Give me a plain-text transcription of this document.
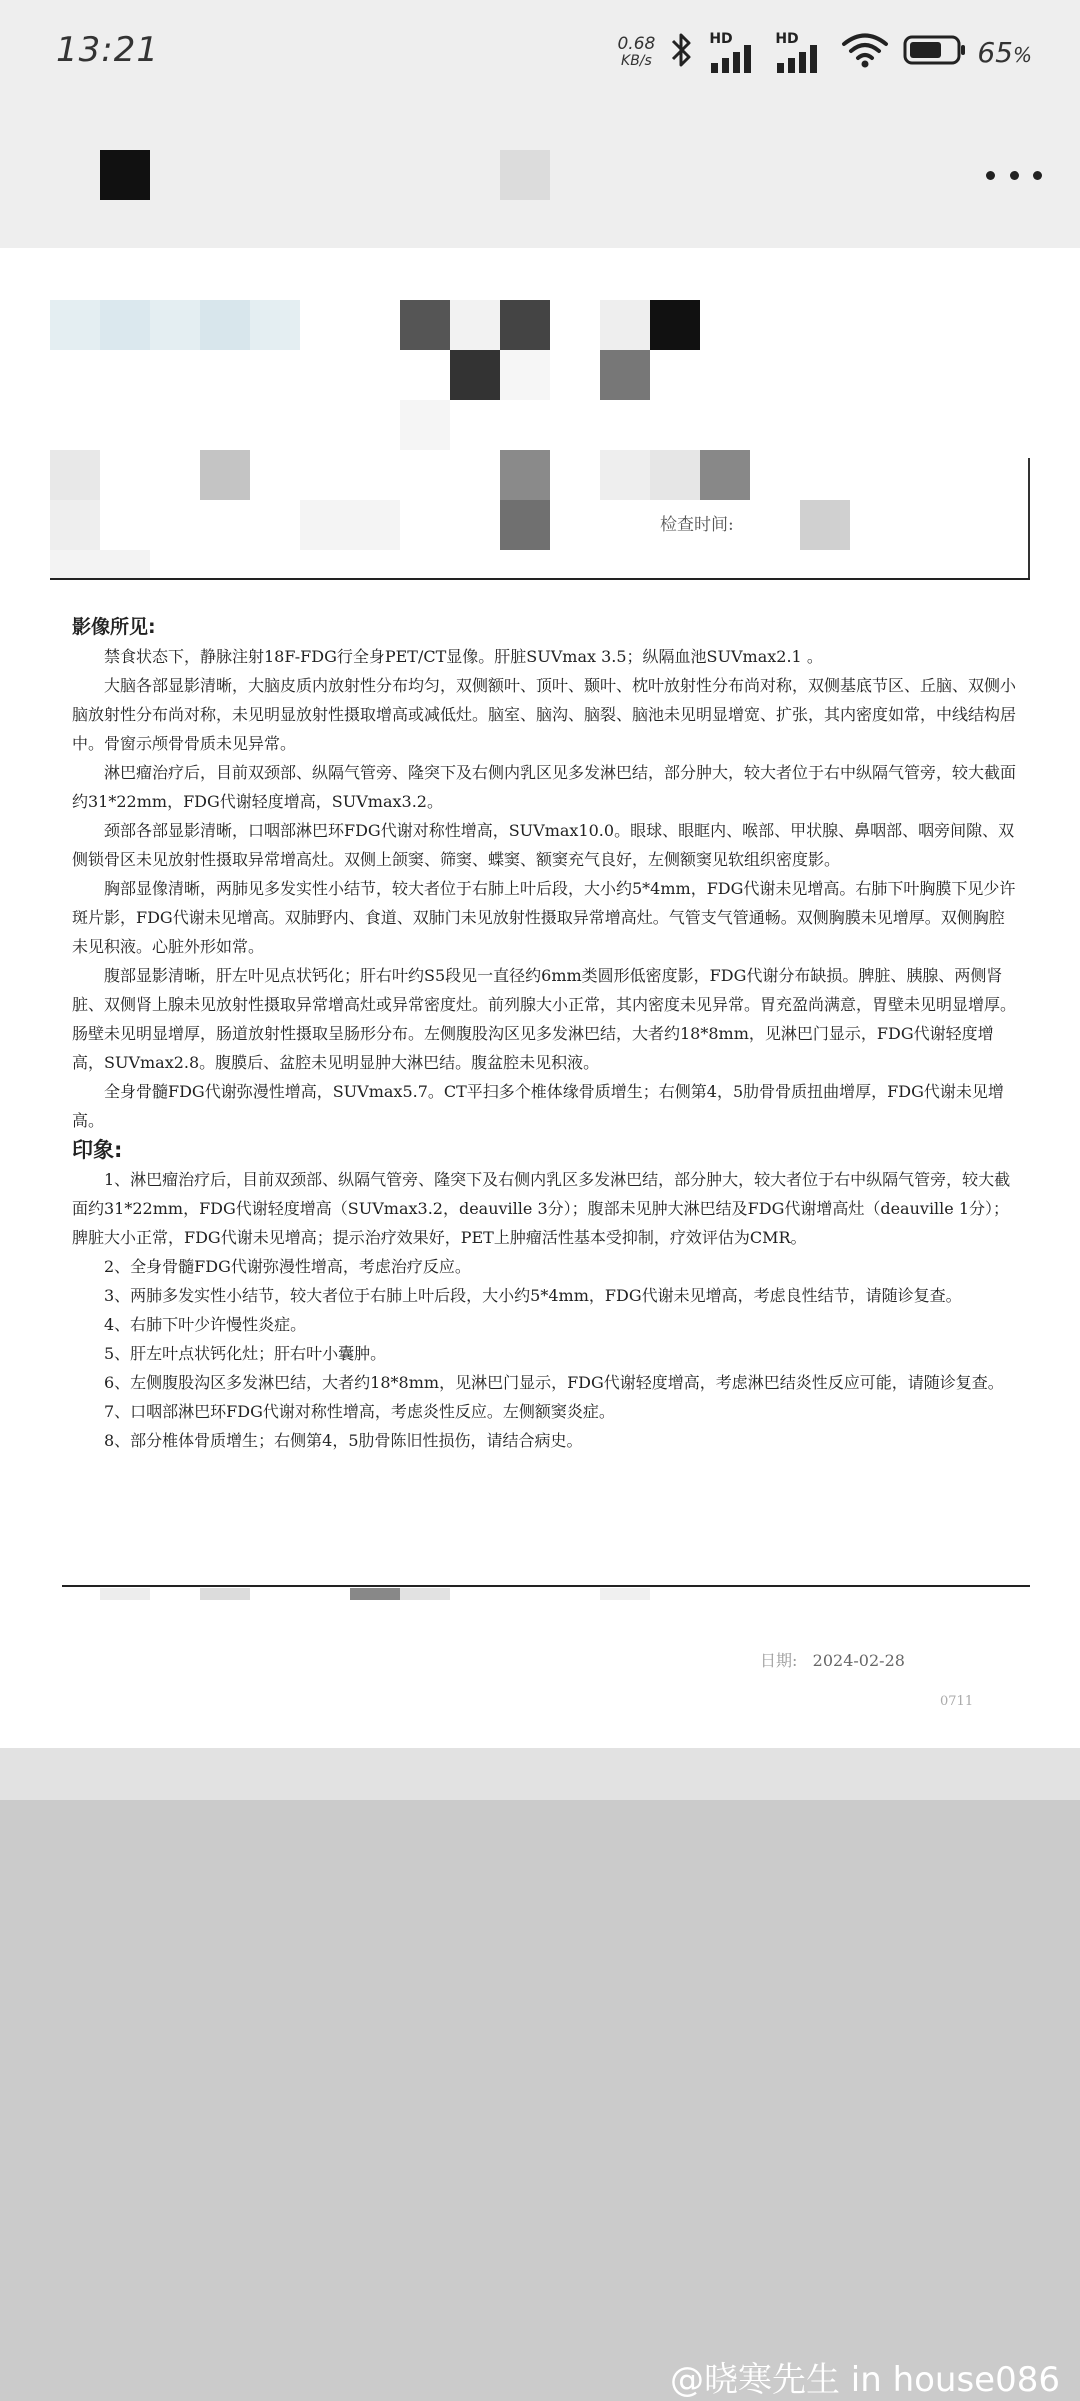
13:21	0.68
KB/s
HD	HD	65%
检查时间:
影像所见:

禁食状态下，静脉注射18F-FDG行全身PET/CT显像。肝脏SUVmax 3.5；纵隔血池SUVmax2.1 。

大脑各部显影清晰，大脑皮质内放射性分布均匀，双侧额叶、顶叶、颞叶、枕叶放射性分布尚对称，双侧基底节区、丘脑、双侧小脑放射性分布尚对称，未见明显放射性摄取增高或减低灶。脑室、脑沟、脑裂、脑池未见明显增宽、扩张，其内密度如常，中线结构居中。骨窗示颅骨骨质未见异常。

淋巴瘤治疗后，目前双颈部、纵隔气管旁、隆突下及右侧内乳区见多发淋巴结，部分肿大，较大者位于右中纵隔气管旁，较大截面约31*22mm，FDG代谢轻度增高，SUVmax3.2。

颈部各部显影清晰，口咽部淋巴环FDG代谢对称性增高，SUVmax10.0。眼球、眼眶内、喉部、甲状腺、鼻咽部、咽旁间隙、双侧锁骨区未见放射性摄取异常增高灶。双侧上颌窦、筛窦、蝶窦、额窦充气良好，左侧额窦见软组织密度影。

胸部显像清晰，两肺见多发实性小结节，较大者位于右肺上叶后段，大小约5*4mm，FDG代谢未见增高。右肺下叶胸膜下见少许斑片影，FDG代谢未见增高。双肺野内、食道、双肺门未见放射性摄取异常增高灶。气管支气管通畅。双侧胸膜未见增厚。双侧胸腔未见积液。心脏外形如常。

腹部显影清晰，肝左叶见点状钙化；肝右叶约S5段见一直径约6mm类圆形低密度影，FDG代谢分布缺损。脾脏、胰腺、两侧肾脏、双侧肾上腺未见放射性摄取异常增高灶或异常密度灶。前列腺大小正常，其内密度未见异常。胃充盈尚满意，胃壁未见明显增厚。肠壁未见明显增厚，肠道放射性摄取呈肠形分布。左侧腹股沟区见多发淋巴结，大者约18*8mm，见淋巴门显示，FDG代谢轻度增高，SUVmax2.8。腹膜后、盆腔未见明显肿大淋巴结。腹盆腔未见积液。

全身骨髓FDG代谢弥漫性增高，SUVmax5.7。CT平扫多个椎体缘骨质增生；右侧第4，5肋骨骨质扭曲增厚，FDG代谢未见增高。

印象:

1、淋巴瘤治疗后，目前双颈部、纵隔气管旁、隆突下及右侧内乳区多发淋巴结，部分肿大，较大者位于右中纵隔气管旁，较大截面约31*22mm，FDG代谢轻度增高（SUVmax3.2，deauville 3分）；腹部未见肿大淋巴结及FDG代谢增高灶（deauville 1分）；脾脏大小正常，FDG代谢未见增高；提示治疗效果好，PET上肿瘤活性基本受抑制，疗效评估为CMR。

2、全身骨髓FDG代谢弥漫性增高，考虑治疗反应。

3、两肺多发实性小结节，较大者位于右肺上叶后段，大小约5*4mm，FDG代谢未见增高，考虑良性结节，请随诊复查。

4、右肺下叶少许慢性炎症。

5、肝左叶点状钙化灶；肝右叶小囊肿。

6、左侧腹股沟区多发淋巴结，大者约18*8mm，见淋巴门显示，FDG代谢轻度增高，考虑淋巴结炎性反应可能，请随诊复查。

7、口咽部淋巴环FDG代谢对称性增高，考虑炎性反应。左侧额窦炎症。

8、部分椎体骨质增生；右侧第4，5肋骨陈旧性损伤，请结合病史。

日期: 2024-02-28
0711
@晓寒先生 in house086
